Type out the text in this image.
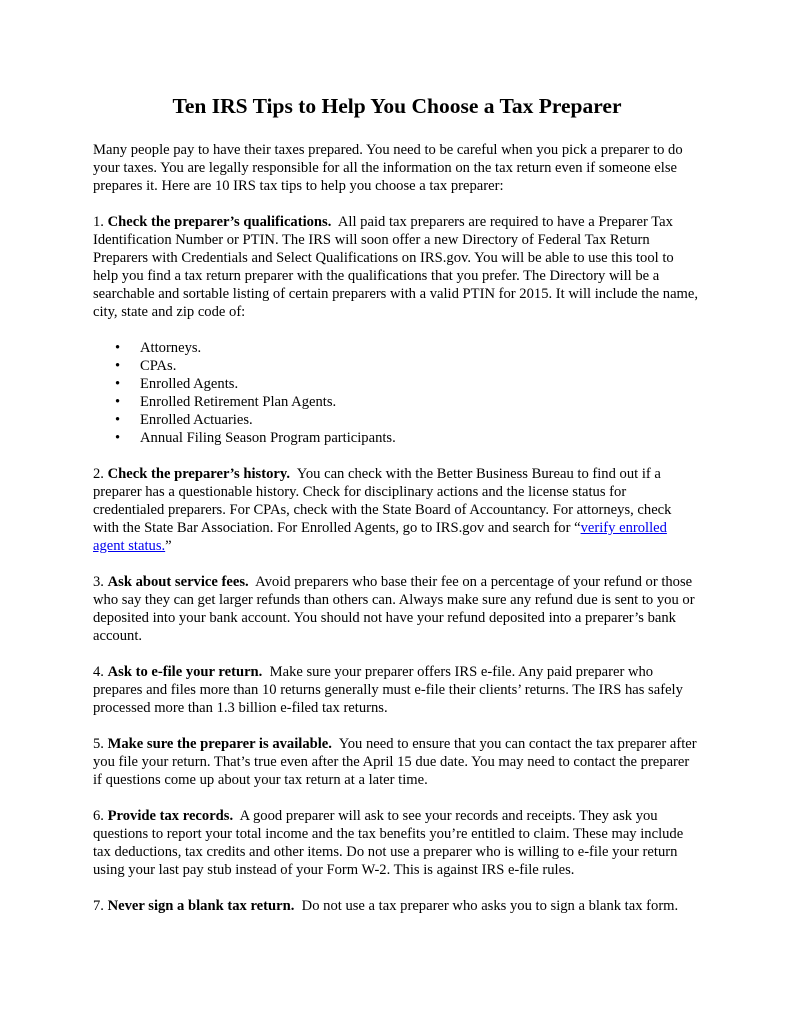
Ten IRS Tips to Help You Choose a Tax Preparer

Many people pay to have their taxes prepared. You need to be careful when you pick a preparer to do your taxes. You are legally responsible for all the information on the tax return even if someone else prepares it. Here are 10 IRS tax tips to help you choose a tax preparer:

1. Check the preparer’s qualifications. All paid tax preparers are required to have a Preparer Tax Identification Number or PTIN. The IRS will soon offer a new Directory of Federal Tax Return Preparers with Credentials and Select Qualifications on IRS.gov. You will be able to use this tool to help you find a tax return preparer with the qualifications that you prefer. The Directory will be a searchable and sortable listing of certain preparers with a valid PTIN for 2015. It will include the name, city, state and zip code of:

• Attorneys.
• CPAs.
• Enrolled Agents.
• Enrolled Retirement Plan Agents.
• Enrolled Actuaries.
• Annual Filing Season Program participants.

2. Check the preparer’s history. You can check with the Better Business Bureau to find out if a preparer has a questionable history. Check for disciplinary actions and the license status for credentialed preparers. For CPAs, check with the State Board of Accountancy. For attorneys, check with the State Bar Association. For Enrolled Agents, go to IRS.gov and search for “verify enrolled agent status.”

3. Ask about service fees. Avoid preparers who base their fee on a percentage of your refund or those who say they can get larger refunds than others can. Always make sure any refund due is sent to you or deposited into your bank account. You should not have your refund deposited into a preparer’s bank account.

4. Ask to e-file your return. Make sure your preparer offers IRS e-file. Any paid preparer who prepares and files more than 10 returns generally must e-file their clients’ returns. The IRS has safely processed more than 1.3 billion e-filed tax returns.

5. Make sure the preparer is available. You need to ensure that you can contact the tax preparer after you file your return. That’s true even after the April 15 due date. You may need to contact the preparer if questions come up about your tax return at a later time.

6. Provide tax records. A good preparer will ask to see your records and receipts. They ask you questions to report your total income and the tax benefits you’re entitled to claim. These may include tax deductions, tax credits and other items. Do not use a preparer who is willing to e-file your return using your last pay stub instead of your Form W-2. This is against IRS e-file rules.

7. Never sign a blank tax return. Do not use a tax preparer who asks you to sign a blank tax form.
